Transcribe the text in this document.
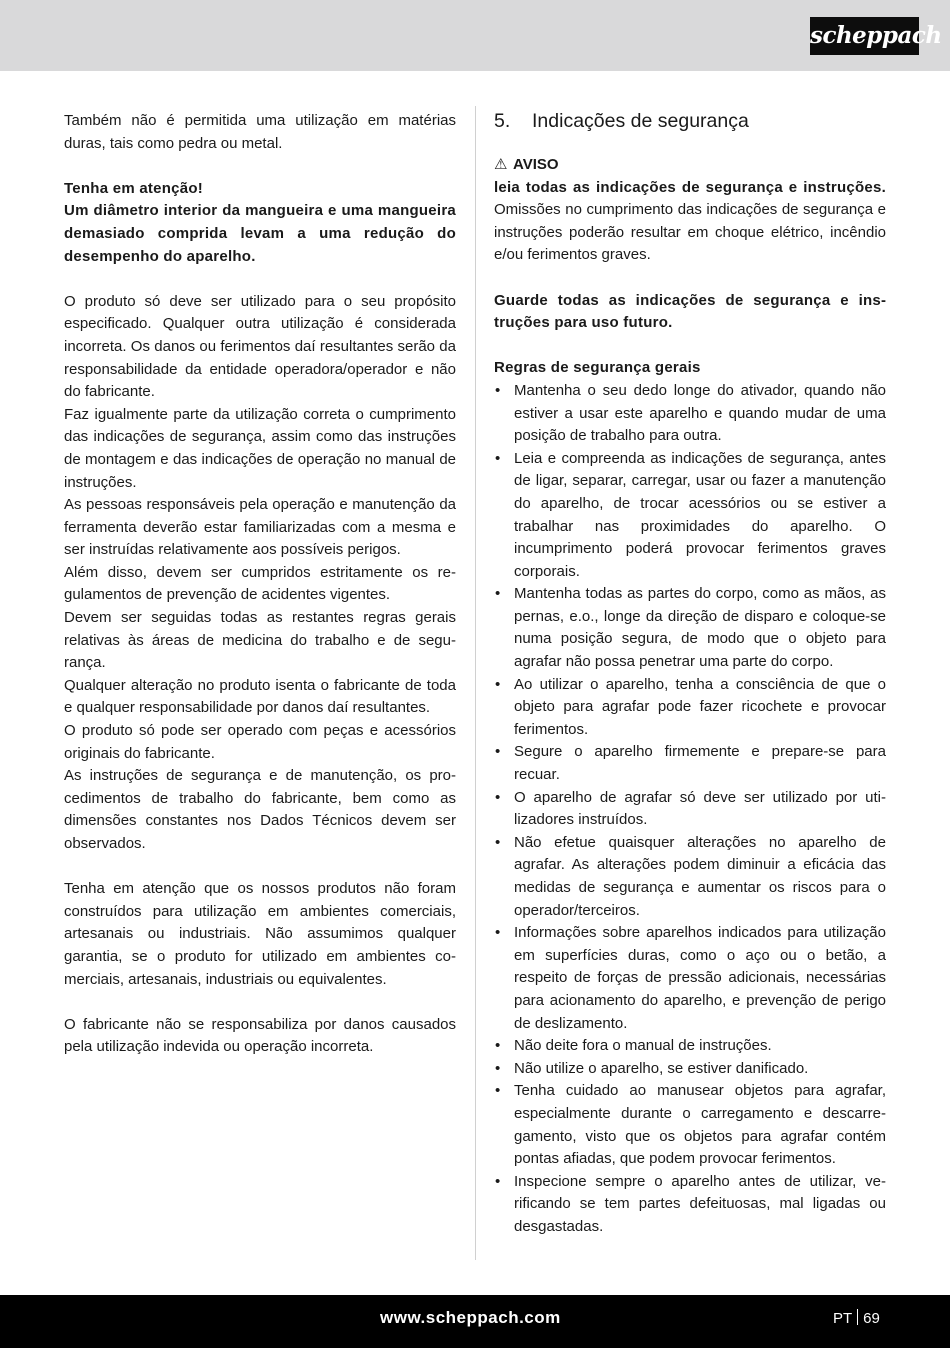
scheppach

Também não é permitida uma utilização em matérias duras, tais como pedra ou metal.

Tenha em atenção!

Um diâmetro interior da mangueira e uma mangueira demasiado comprida levam a uma redução do desempenho do aparelho.

O produto só deve ser utilizado para o seu propósito especificado. Qualquer outra utilização é considerada incorreta. Os danos ou ferimentos daí resultantes serão da responsabilidade da entidade operadora/operador e não do fabricante.

Faz igualmente parte da utilização correta o cumprimento das indicações de segurança, assim como das instruções de montagem e das indicações de operação no manual de instruções.

As pessoas responsáveis pela operação e manutenção da ferramenta deverão estar familiarizadas com a mesma e ser instruídas relativamente aos possíveis perigos.

Além disso, devem ser cumpridos estritamente os regulamentos de prevenção de acidentes vigentes.

Devem ser seguidas todas as restantes regras gerais relativas às áreas de medicina do trabalho e de segurança.

Qualquer alteração no produto isenta o fabricante de toda e qualquer responsabilidade por danos daí resultantes.

O produto só pode ser operado com peças e acessórios originais do fabricante.

As instruções de segurança e de manutenção, os procedimentos de trabalho do fabricante, bem como as dimensões constantes nos Dados Técnicos devem ser observados.

Tenha em atenção que os nossos produtos não foram construídos para utilização em ambientes comerciais, artesanais ou industriais. Não assumimos qualquer garantia, se o produto for utilizado em ambientes comerciais, artesanais, industriais ou equivalentes.

O fabricante não se responsabiliza por danos causados pela utilização indevida ou operação incorreta.

5.	Indicações de segurança

⚠ AVISO

leia todas as indicações de segurança e instruções. Omissões no cumprimento das indicações de segurança e instruções poderão resultar em choque elétrico, incêndio e/ou ferimentos graves.

Guarde todas as indicações de segurança e instruções para uso futuro.

Regras de segurança gerais

• Mantenha o seu dedo longe do ativador, quando não estiver a usar este aparelho e quando mudar de uma posição de trabalho para outra.
• Leia e compreenda as indicações de segurança, antes de ligar, separar, carregar, usar ou fazer a manutenção do aparelho, de trocar acessórios ou se estiver a trabalhar nas proximidades do aparelho. O incumprimento poderá provocar ferimentos graves corporais.
• Mantenha todas as partes do corpo, como as mãos, as pernas, e.o., longe da direção de disparo e coloque-se numa posição segura, de modo que o objeto para agrafar não possa penetrar uma parte do corpo.
• Ao utilizar o aparelho, tenha a consciência de que o objeto para agrafar pode fazer ricochete e provocar ferimentos.
• Segure o aparelho firmemente e prepare-se para recuar.
• O aparelho de agrafar só deve ser utilizado por utilizadores instruídos.
• Não efetue quaisquer alterações no aparelho de agrafar. As alterações podem diminuir a eficácia das medidas de segurança e aumentar os riscos para o operador/terceiros.
• Informações sobre aparelhos indicados para utilização em superfícies duras, como o aço ou o betão, a respeito de forças de pressão adicionais, necessárias para acionamento do aparelho, e prevenção de perigo de deslizamento.
• Não deite fora o manual de instruções.
• Não utilize o aparelho, se estiver danificado.
• Tenha cuidado ao manusear objetos para agrafar, especialmente durante o carregamento e descarregamento, visto que os objetos para agrafar contém pontas afiadas, que podem provocar ferimentos.
• Inspecione sempre o aparelho antes de utilizar, verificando se tem partes defeituosas, mal ligadas ou desgastadas.
www.scheppach.com	PT 69
